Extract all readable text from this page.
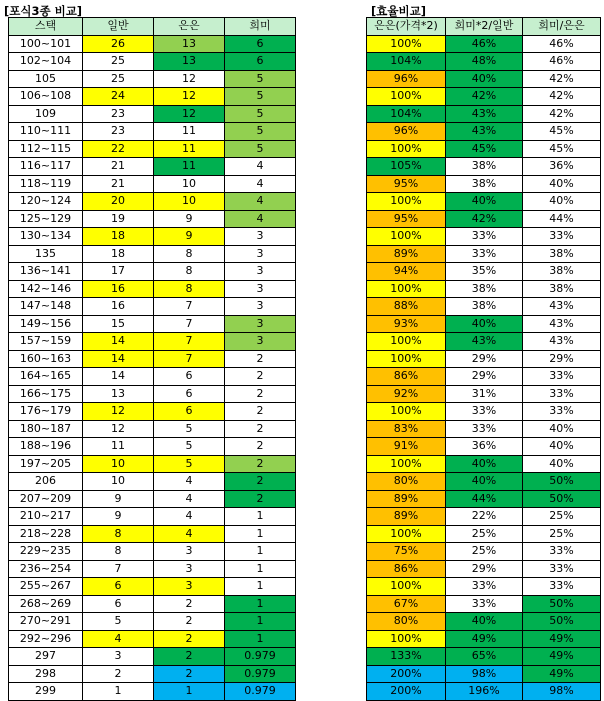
[포식3종 비교]
스택	일반	은은	희미
100~101	26	13	6
102~104	25	13	6
105	25	12	5
106~108	24	12	5
109	23	12	5
110~111	23	11	5
112~115	22	11	5
116~117	21	11	4
118~119	21	10	4
120~124	20	10	4
125~129	19	9	4
130~134	18	9	3
135	18	8	3
136~141	17	8	3
142~146	16	8	3
147~148	16	7	3
149~156	15	7	3
157~159	14	7	3
160~163	14	7	2
164~165	14	6	2
166~175	13	6	2
176~179	12	6	2
180~187	12	5	2
188~196	11	5	2
197~205	10	5	2
206	10	4	2
207~209	9	4	2
210~217	9	4	1
218~228	8	4	1
229~235	8	3	1
236~254	7	3	1
255~267	6	3	1
268~269	6	2	1
270~291	5	2	1
292~296	4	2	1
297	3	2	0.979
298	2	2	0.979
299	1	1	0.979
[효율비교]
은은(가격*2)	희미*2/일반	희미/은은
100%	46%	46%
104%	48%	46%
96%	40%	42%
100%	42%	42%
104%	43%	42%
96%	43%	45%
100%	45%	45%
105%	38%	36%
95%	38%	40%
100%	40%	40%
95%	42%	44%
100%	33%	33%
89%	33%	38%
94%	35%	38%
100%	38%	38%
88%	38%	43%
93%	40%	43%
100%	43%	43%
100%	29%	29%
86%	29%	33%
92%	31%	33%
100%	33%	33%
83%	33%	40%
91%	36%	40%
100%	40%	40%
80%	40%	50%
89%	44%	50%
89%	22%	25%
100%	25%	25%
75%	25%	33%
86%	29%	33%
100%	33%	33%
67%	33%	50%
80%	40%	50%
100%	49%	49%
133%	65%	49%
200%	98%	49%
200%	196%	98%
